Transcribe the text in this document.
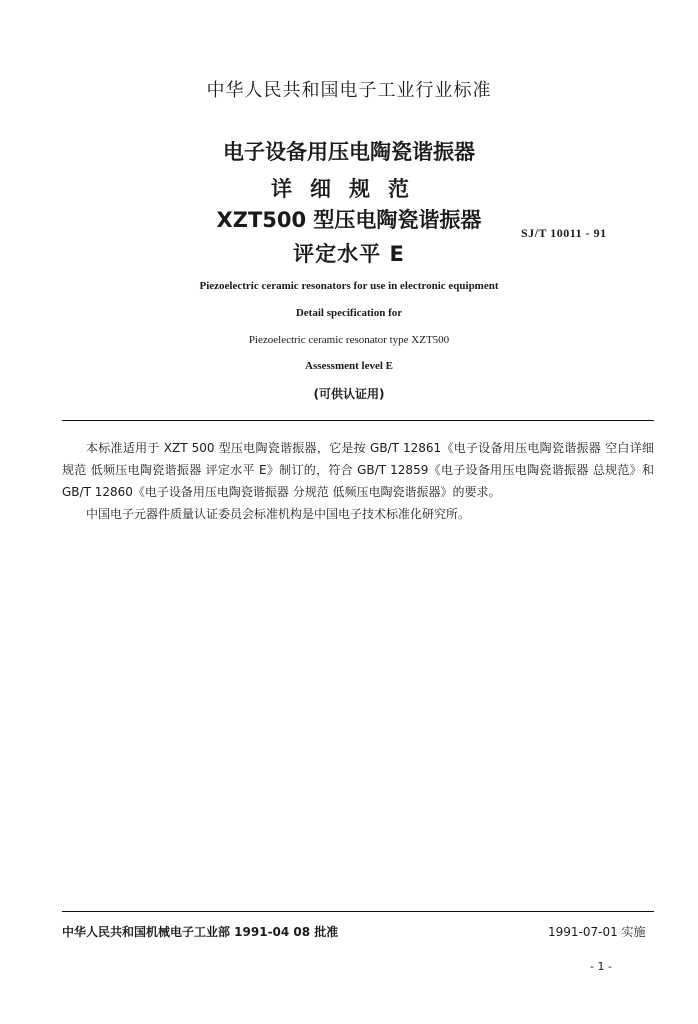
中华人民共和国电子工业行业标准
电子设备用压电陶瓷谐振器
详细规范
XZT500 型压电陶瓷谐振器
评定水平 E
SJ/T 10011 - 91
Piezoelectric ceramic resonators for use in electronic equipment
Detail specification for
Piezoelectric ceramic resonator type XZT500
Assessment level E
(可供认证用)

本标准适用于 XZT 500 型压电陶瓷谐振器，它是按 GB/T 12861《电子设备用压电陶瓷谐振器 空白详细规范 低频压电陶瓷谐振器 评定水平 E》制订的，符合 GB/T 12859《电子设备用压电陶瓷谐振器 总规范》和 GB/T 12860《电子设备用压电陶瓷谐振器 分规范 低频压电陶瓷谐振器》的要求。

中国电子元器件质量认证委员会标准机构是中国电子技术标准化研究所。

中华人民共和国机械电子工业部 1991-04 08 批准	1991-07-01 实施
- 1 -
